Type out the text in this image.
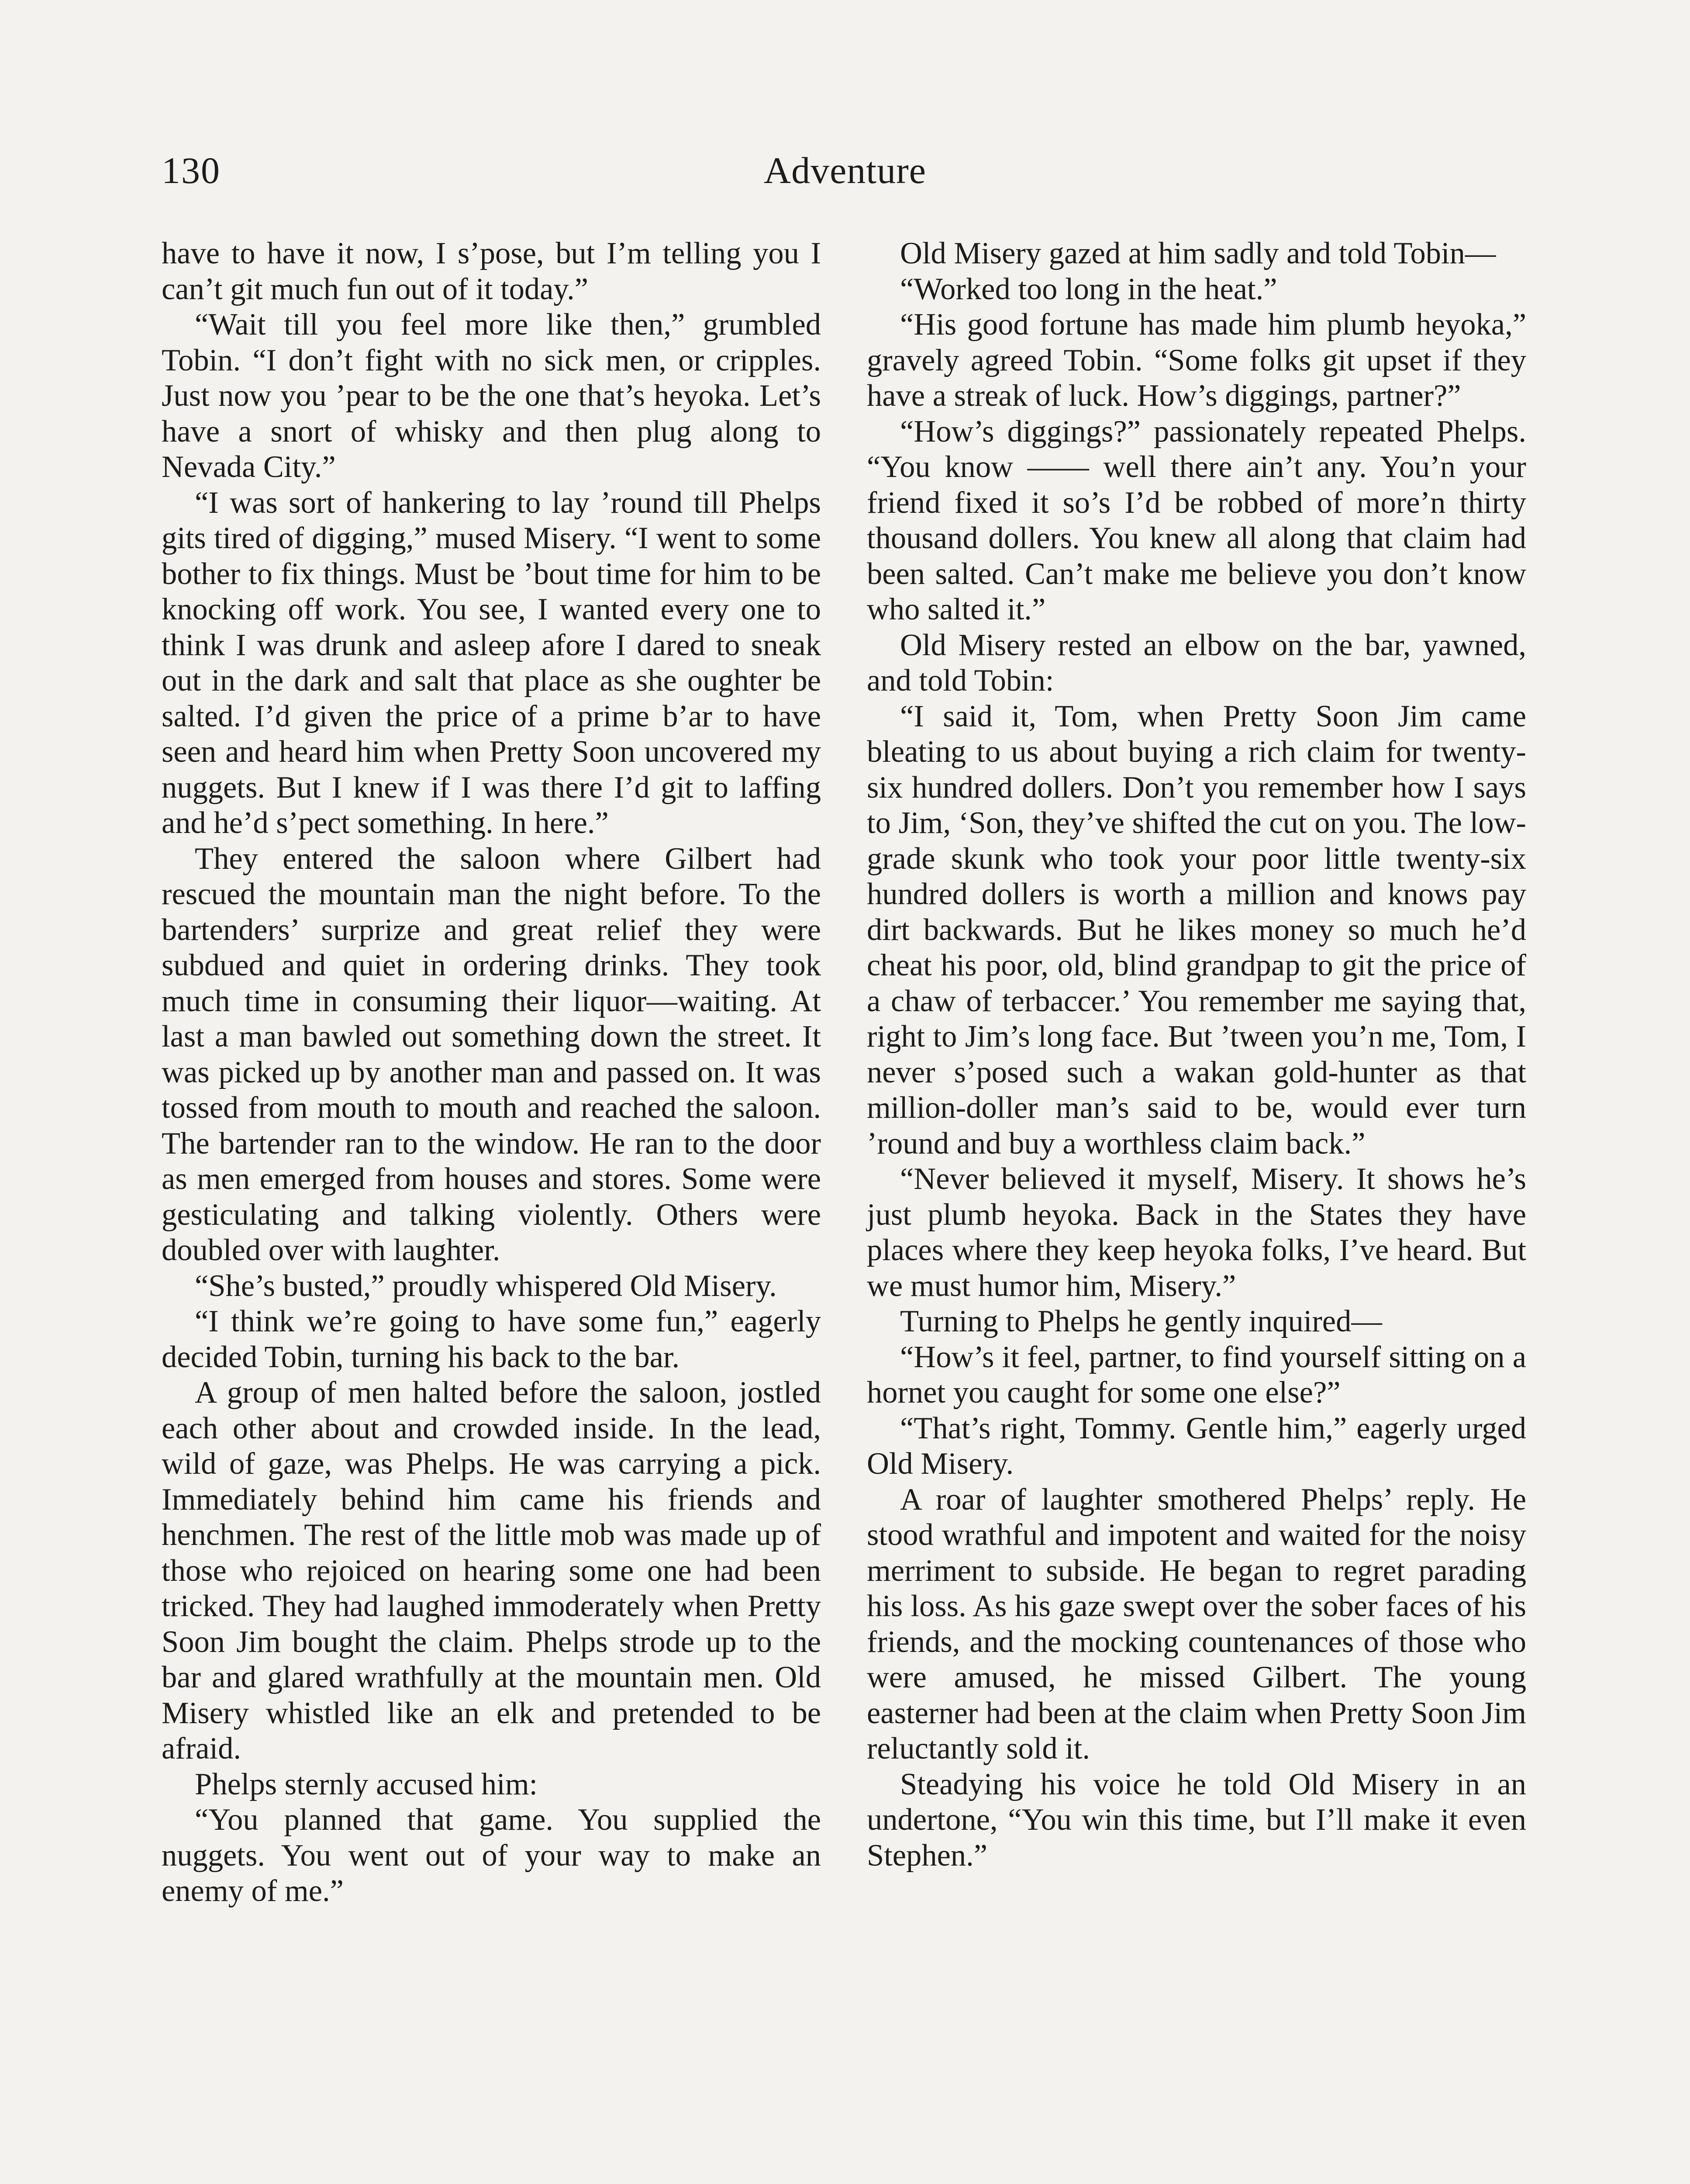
130	Adventure

have to have it now, I s’pose, but I’m telling you I can’t git much fun out of it today.”

“Wait till you feel more like then,” grumbled Tobin. “I don’t fight with no sick men, or cripples. Just now you ’pear to be the one that’s heyoka. Let’s have a snort of whisky and then plug along to Nevada City.”

“I was sort of hankering to lay ’round till Phelps gits tired of digging,” mused Misery. “I went to some bother to fix things. Must be ’bout time for him to be knocking off work. You see, I wanted every one to think I was drunk and asleep afore I dared to sneak out in the dark and salt that place as she oughter be salted. I’d given the price of a prime b’ar to have seen and heard him when Pretty Soon uncovered my nuggets. But I knew if I was there I’d git to laffing and he’d s’pect something. In here.”

They entered the saloon where Gilbert had rescued the mountain man the night before. To the bartenders’ surprize and great relief they were subdued and quiet in ordering drinks. They took much time in consuming their liquor—waiting. At last a man bawled out something down the street. It was picked up by another man and passed on. It was tossed from mouth to mouth and reached the saloon. The bartender ran to the window. He ran to the door as men emerged from houses and stores. Some were gesticulating and talking violently. Others were doubled over with laughter.

“She’s busted,” proudly whispered Old Misery.

“I think we’re going to have some fun,” eagerly decided Tobin, turning his back to the bar.

A group of men halted before the saloon, jostled each other about and crowded inside. In the lead, wild of gaze, was Phelps. He was carrying a pick. Immediately behind him came his friends and henchmen. The rest of the little mob was made up of those who rejoiced on hearing some one had been tricked. They had laughed immoderately when Pretty Soon Jim bought the claim. Phelps strode up to the bar and glared wrathfully at the mountain men. Old Misery whistled like an elk and pretended to be afraid.

Phelps sternly accused him:

“You planned that game. You supplied the nuggets. You went out of your way to make an enemy of me.”

Old Misery gazed at him sadly and told Tobin—

“Worked too long in the heat.”

“His good fortune has made him plumb heyoka,” gravely agreed Tobin. “Some folks git upset if they have a streak of luck. How’s diggings, partner?”

“How’s diggings?” passionately repeated Phelps. “You know —— well there ain’t any. You’n your friend fixed it so’s I’d be robbed of more’n thirty thousand dollers. You knew all along that claim had been salted. Can’t make me believe you don’t know who salted it.”

Old Misery rested an elbow on the bar, yawned, and told Tobin:

“I said it, Tom, when Pretty Soon Jim came bleating to us about buying a rich claim for twenty-six hundred dollers. Don’t you remember how I says to Jim, ‘Son, they’ve shifted the cut on you. The low-grade skunk who took your poor little twenty-six hundred dollers is worth a million and knows pay dirt backwards. But he likes money so much he’d cheat his poor, old, blind grandpap to git the price of a chaw of terbaccer.’ You remember me saying that, right to Jim’s long face. But ’tween you’n me, Tom, I never s’posed such a wakan gold-hunter as that million-doller man’s said to be, would ever turn ’round and buy a worthless claim back.”

“Never believed it myself, Misery. It shows he’s just plumb heyoka. Back in the States they have places where they keep heyoka folks, I’ve heard. But we must humor him, Misery.”

Turning to Phelps he gently inquired—

“How’s it feel, partner, to find yourself sitting on a hornet you caught for some one else?”

“That’s right, Tommy. Gentle him,” eagerly urged Old Misery.

A roar of laughter smothered Phelps’ reply. He stood wrathful and impotent and waited for the noisy merriment to subside. He began to regret parading his loss. As his gaze swept over the sober faces of his friends, and the mocking countenances of those who were amused, he missed Gilbert. The young easterner had been at the claim when Pretty Soon Jim reluctantly sold it.

Steadying his voice he told Old Misery in an undertone, “You win this time, but I’ll make it even Stephen.”
